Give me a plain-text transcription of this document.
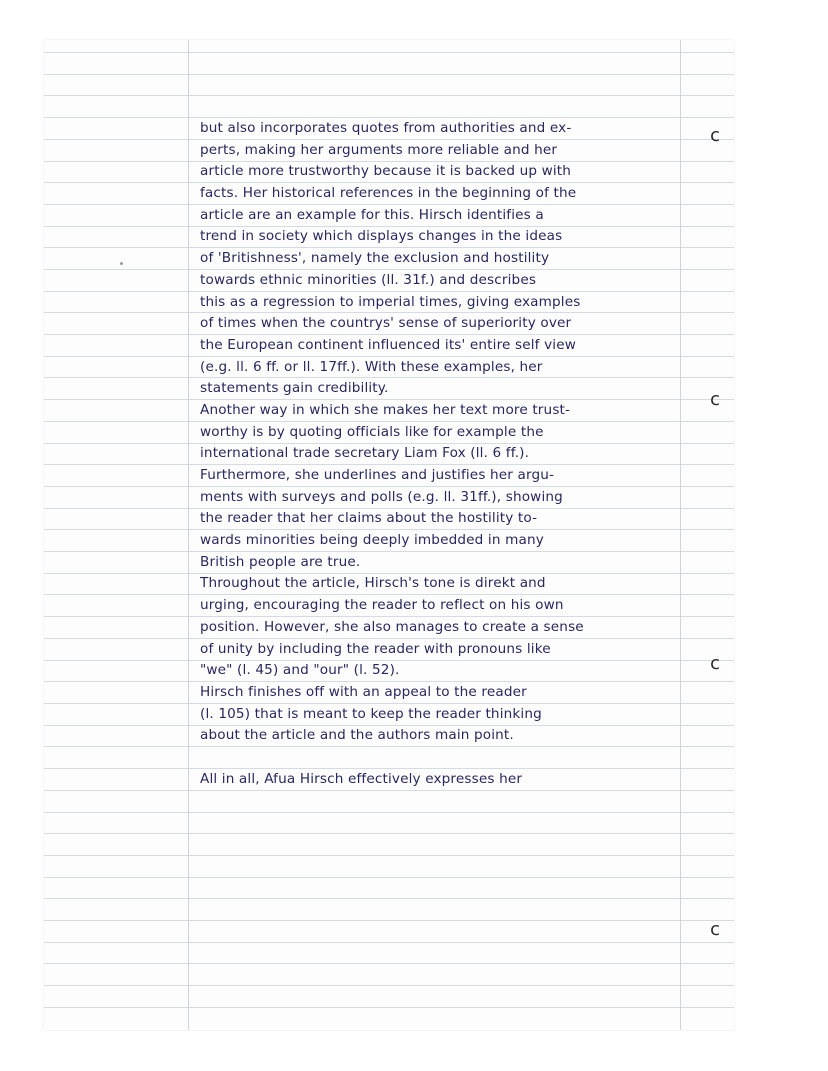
but also incorporates quotes from authorities and ex-
perts, making her arguments more reliable and her
article more trustworthy because it is backed up with
facts. Her historical references in the beginning of the
article are an example for this. Hirsch identifies a
trend in society which displays changes in the ideas
of 'Britishness', namely the exclusion and hostility
towards ethnic minorities (ll. 31f.) and describes
this as a regression to imperial times, giving examples
of times when the countrys' sense of superiority over
the European continent influenced its' entire self view
(e.g. ll. 6 ff. or ll. 17ff.). With these examples, her
statements gain credibility.
Another way in which she makes her text more trust-
worthy is by quoting officials like for example the
international trade secretary Liam Fox (ll. 6 ff.).
Furthermore, she underlines and justifies her argu-
ments with surveys and polls (e.g. ll. 31ff.), showing
the reader that her claims about the hostility to-
wards minorities being deeply imbedded in many
British people are true.
Throughout the article, Hirsch's tone is direkt and
urging, encouraging the reader to reflect on his own
position. However, she also manages to create a sense
of unity by including the reader with pronouns like
"we" (l. 45) and "our" (l. 52).
Hirsch finishes off with an appeal to the reader
(l. 105) that is meant to keep the reader thinking
about the article and the authors main point.
All in all, Afua Hirsch effectively expresses her
ɔ
ɔ
ɔ
ɔ
